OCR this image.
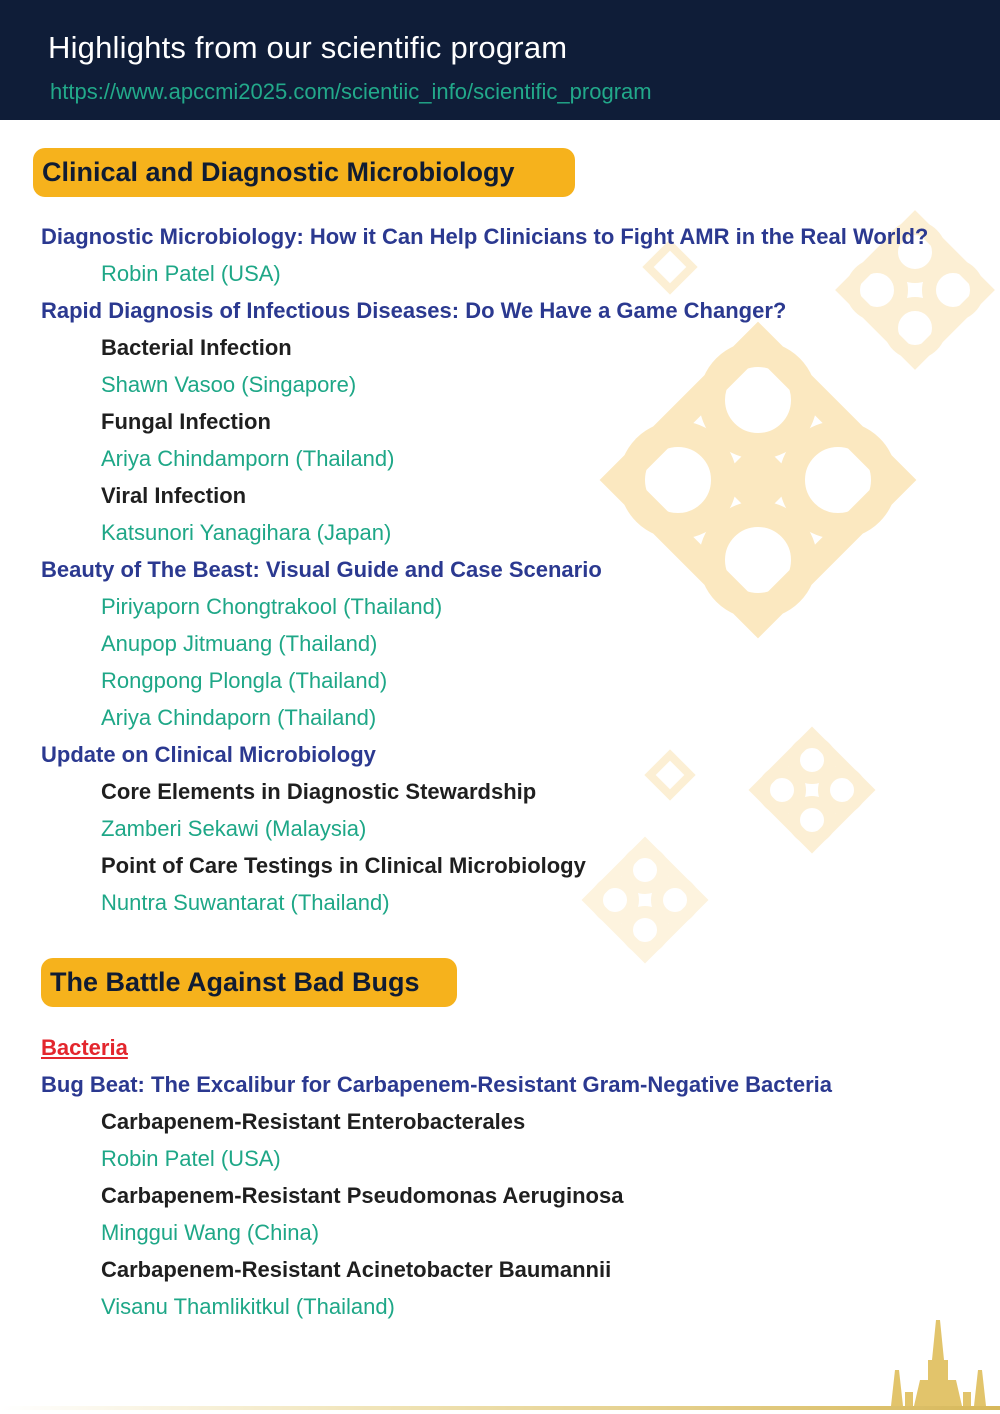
Highlights from our scientific program
https://www.apccmi2025.com/scientiic_info/scientific_program
Clinical and Diagnostic Microbiology
Diagnostic Microbiology: How it Can Help Clinicians to Fight AMR in the Real World?
Robin Patel (USA)
Rapid Diagnosis of Infectious Diseases: Do We Have a Game Changer?
Bacterial Infection
Shawn Vasoo (Singapore)
Fungal Infection
Ariya Chindamporn (Thailand)
Viral Infection
Katsunori Yanagihara (Japan)
Beauty of The Beast: Visual Guide and Case Scenario
Piriyaporn Chongtrakool (Thailand)
Anupop Jitmuang (Thailand)
Rongpong Plongla (Thailand)
Ariya Chindaporn (Thailand)
Update on Clinical Microbiology
Core Elements in Diagnostic Stewardship
Zamberi Sekawi (Malaysia)
Point of Care Testings in Clinical Microbiology
Nuntra Suwantarat (Thailand)
The Battle Against Bad Bugs
Bacteria
Bug Beat: The Excalibur for Carbapenem-Resistant Gram-Negative Bacteria
Carbapenem-Resistant Enterobacterales
Robin Patel (USA)
Carbapenem-Resistant Pseudomonas Aeruginosa
Minggui Wang (China)
Carbapenem-Resistant Acinetobacter Baumannii
Visanu Thamlikitkul (Thailand)
